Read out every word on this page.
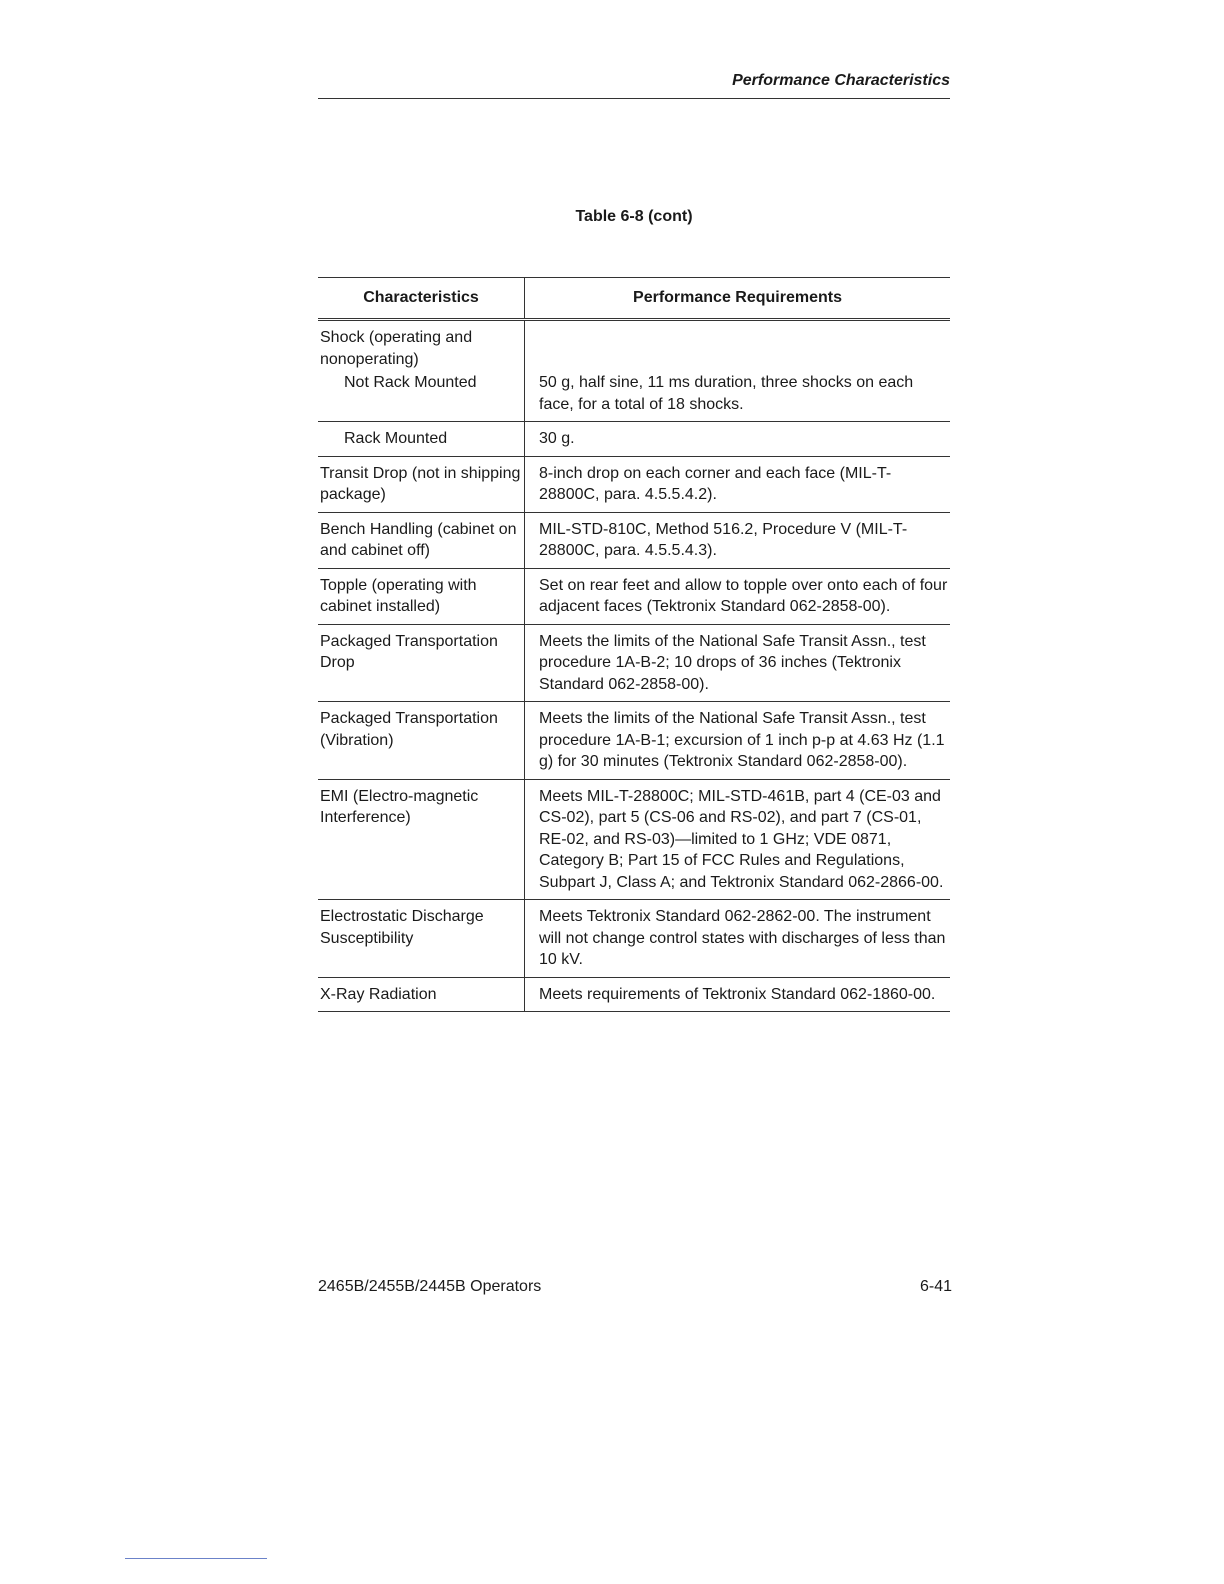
Performance Characteristics
Table 6-8 (cont)
Characteristics	Performance Requirements
Shock (operating and nonoperating)	

Not Rack Mounted	50 g, half sine, 11 ms duration, three shocks on each face, for a total of 18 shocks.

Rack Mounted	30 g.
Transit Drop (not in shipping package)	8-inch drop on each corner and each face (MIL-T-28800C, para. 4.5.5.4.2).
Bench Handling (cabinet on and cabinet off)	MIL-STD-810C, Method 516.2, Procedure V (MIL-T-28800C, para. 4.5.5.4.3).
Topple (operating with cabinet installed)	Set on rear feet and allow to topple over onto each of four adjacent faces (Tektronix Standard 062-2858-00).
Packaged Transportation Drop	Meets the limits of the National Safe Transit Assn., test procedure 1A-B-2; 10 drops of 36 inches (Tektronix Standard 062-2858-00).
Packaged Transportation (Vibration)	Meets the limits of the National Safe Transit Assn., test procedure 1A-B-1; excursion of 1 inch p-p at 4.63 Hz (1.1 g) for 30 minutes (Tektronix Standard 062-2858-00).
EMI (Electro-magnetic Interference)	Meets MIL-T-28800C; MIL-STD-461B, part 4 (CE-03 and CS-02), part 5 (CS-06 and RS-02), and part 7 (CS-01, RE-02, and RS-03)—limited to 1 GHz; VDE 0871, Category B; Part 15 of FCC Rules and Regulations, Subpart J, Class A; and Tektronix Standard 062-2866-00.
Electrostatic Discharge Susceptibility	Meets Tektronix Standard 062-2862-00. The instrument will not change control states with discharges of less than 10 kV.
X-Ray Radiation	Meets requirements of Tektronix Standard 062-1860-00.
2465B/2455B/2445B Operators	6-41
